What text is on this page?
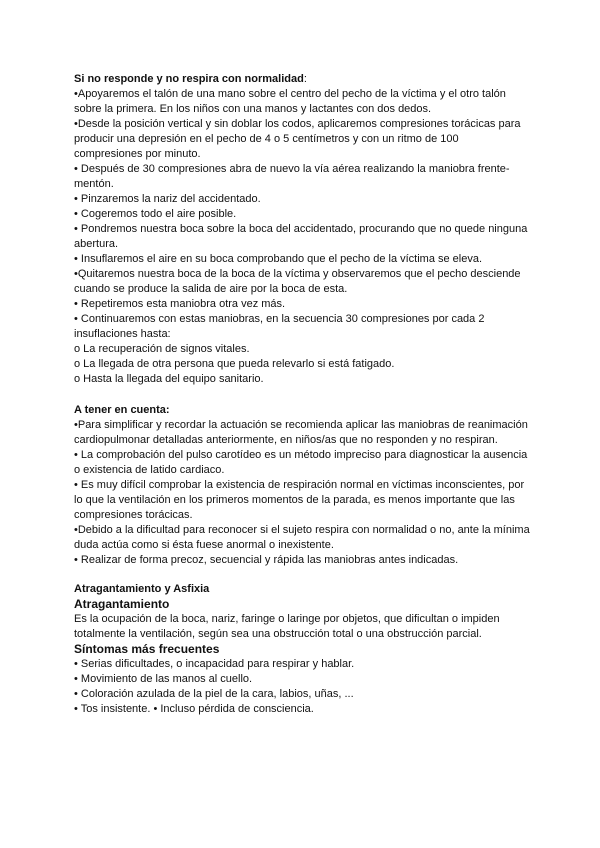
Si no responde y no respira con normalidad:

•Apoyaremos el talón de una mano sobre el centro del pecho de la víctima y el otro talón sobre la primera. En los niños con una manos y lactantes con dos dedos.

•Desde la posición vertical y sin doblar los codos, aplicaremos compresiones torácicas para producir una depresión en el pecho de 4 o 5 centímetros y con un ritmo de 100 compresiones por minuto.

• Después de 30 compresiones abra de nuevo la vía aérea realizando la maniobra frente-mentón.

• Pinzaremos la nariz del accidentado.

• Cogeremos todo el aire posible.

• Pondremos nuestra boca sobre la boca del accidentado, procurando que no quede ninguna abertura.

• Insuflaremos el aire en su boca comprobando que el pecho de la víctima se eleva.

•Quitaremos nuestra boca de la boca de la víctima y observaremos que el pecho desciende cuando se produce la salida de aire por la boca de esta.

• Repetiremos esta maniobra otra vez más.

• Continuaremos con estas maniobras, en la secuencia 30 compresiones por cada 2 insuflaciones hasta:

o La recuperación de signos vitales.

o La llegada de otra persona que pueda relevarlo si está fatigado.

o Hasta la llegada del equipo sanitario.

A tener en cuenta:

•Para simplificar y recordar la actuación se recomienda aplicar las maniobras de reanimación cardiopulmonar detalladas anteriormente, en niños/as que no responden y no respiran.

• La comprobación del pulso carotídeo es un método impreciso para diagnosticar la ausencia o existencia de latido cardiaco.

• Es muy difícil comprobar la existencia de respiración normal en víctimas inconscientes, por lo que la ventilación en los primeros momentos de la parada, es menos importante que las compresiones torácicas.

•Debido a la dificultad para reconocer si el sujeto respira con normalidad o no, ante la mínima duda actúa como si ésta fuese anormal o inexistente.

• Realizar de forma precoz, secuencial y rápida las maniobras antes indicadas.

Atragantamiento y Asfixia

Atragantamiento

Es la ocupación de la boca, nariz, faringe o laringe por objetos, que dificultan o impiden totalmente la ventilación, según sea una obstrucción total o una obstrucción parcial.

Síntomas más frecuentes

• Serias dificultades, o incapacidad para respirar y hablar.

• Movimiento de las manos al cuello.

• Coloración azulada de la piel de la cara, labios, uñas, ...

• Tos insistente. • Incluso pérdida de consciencia.
